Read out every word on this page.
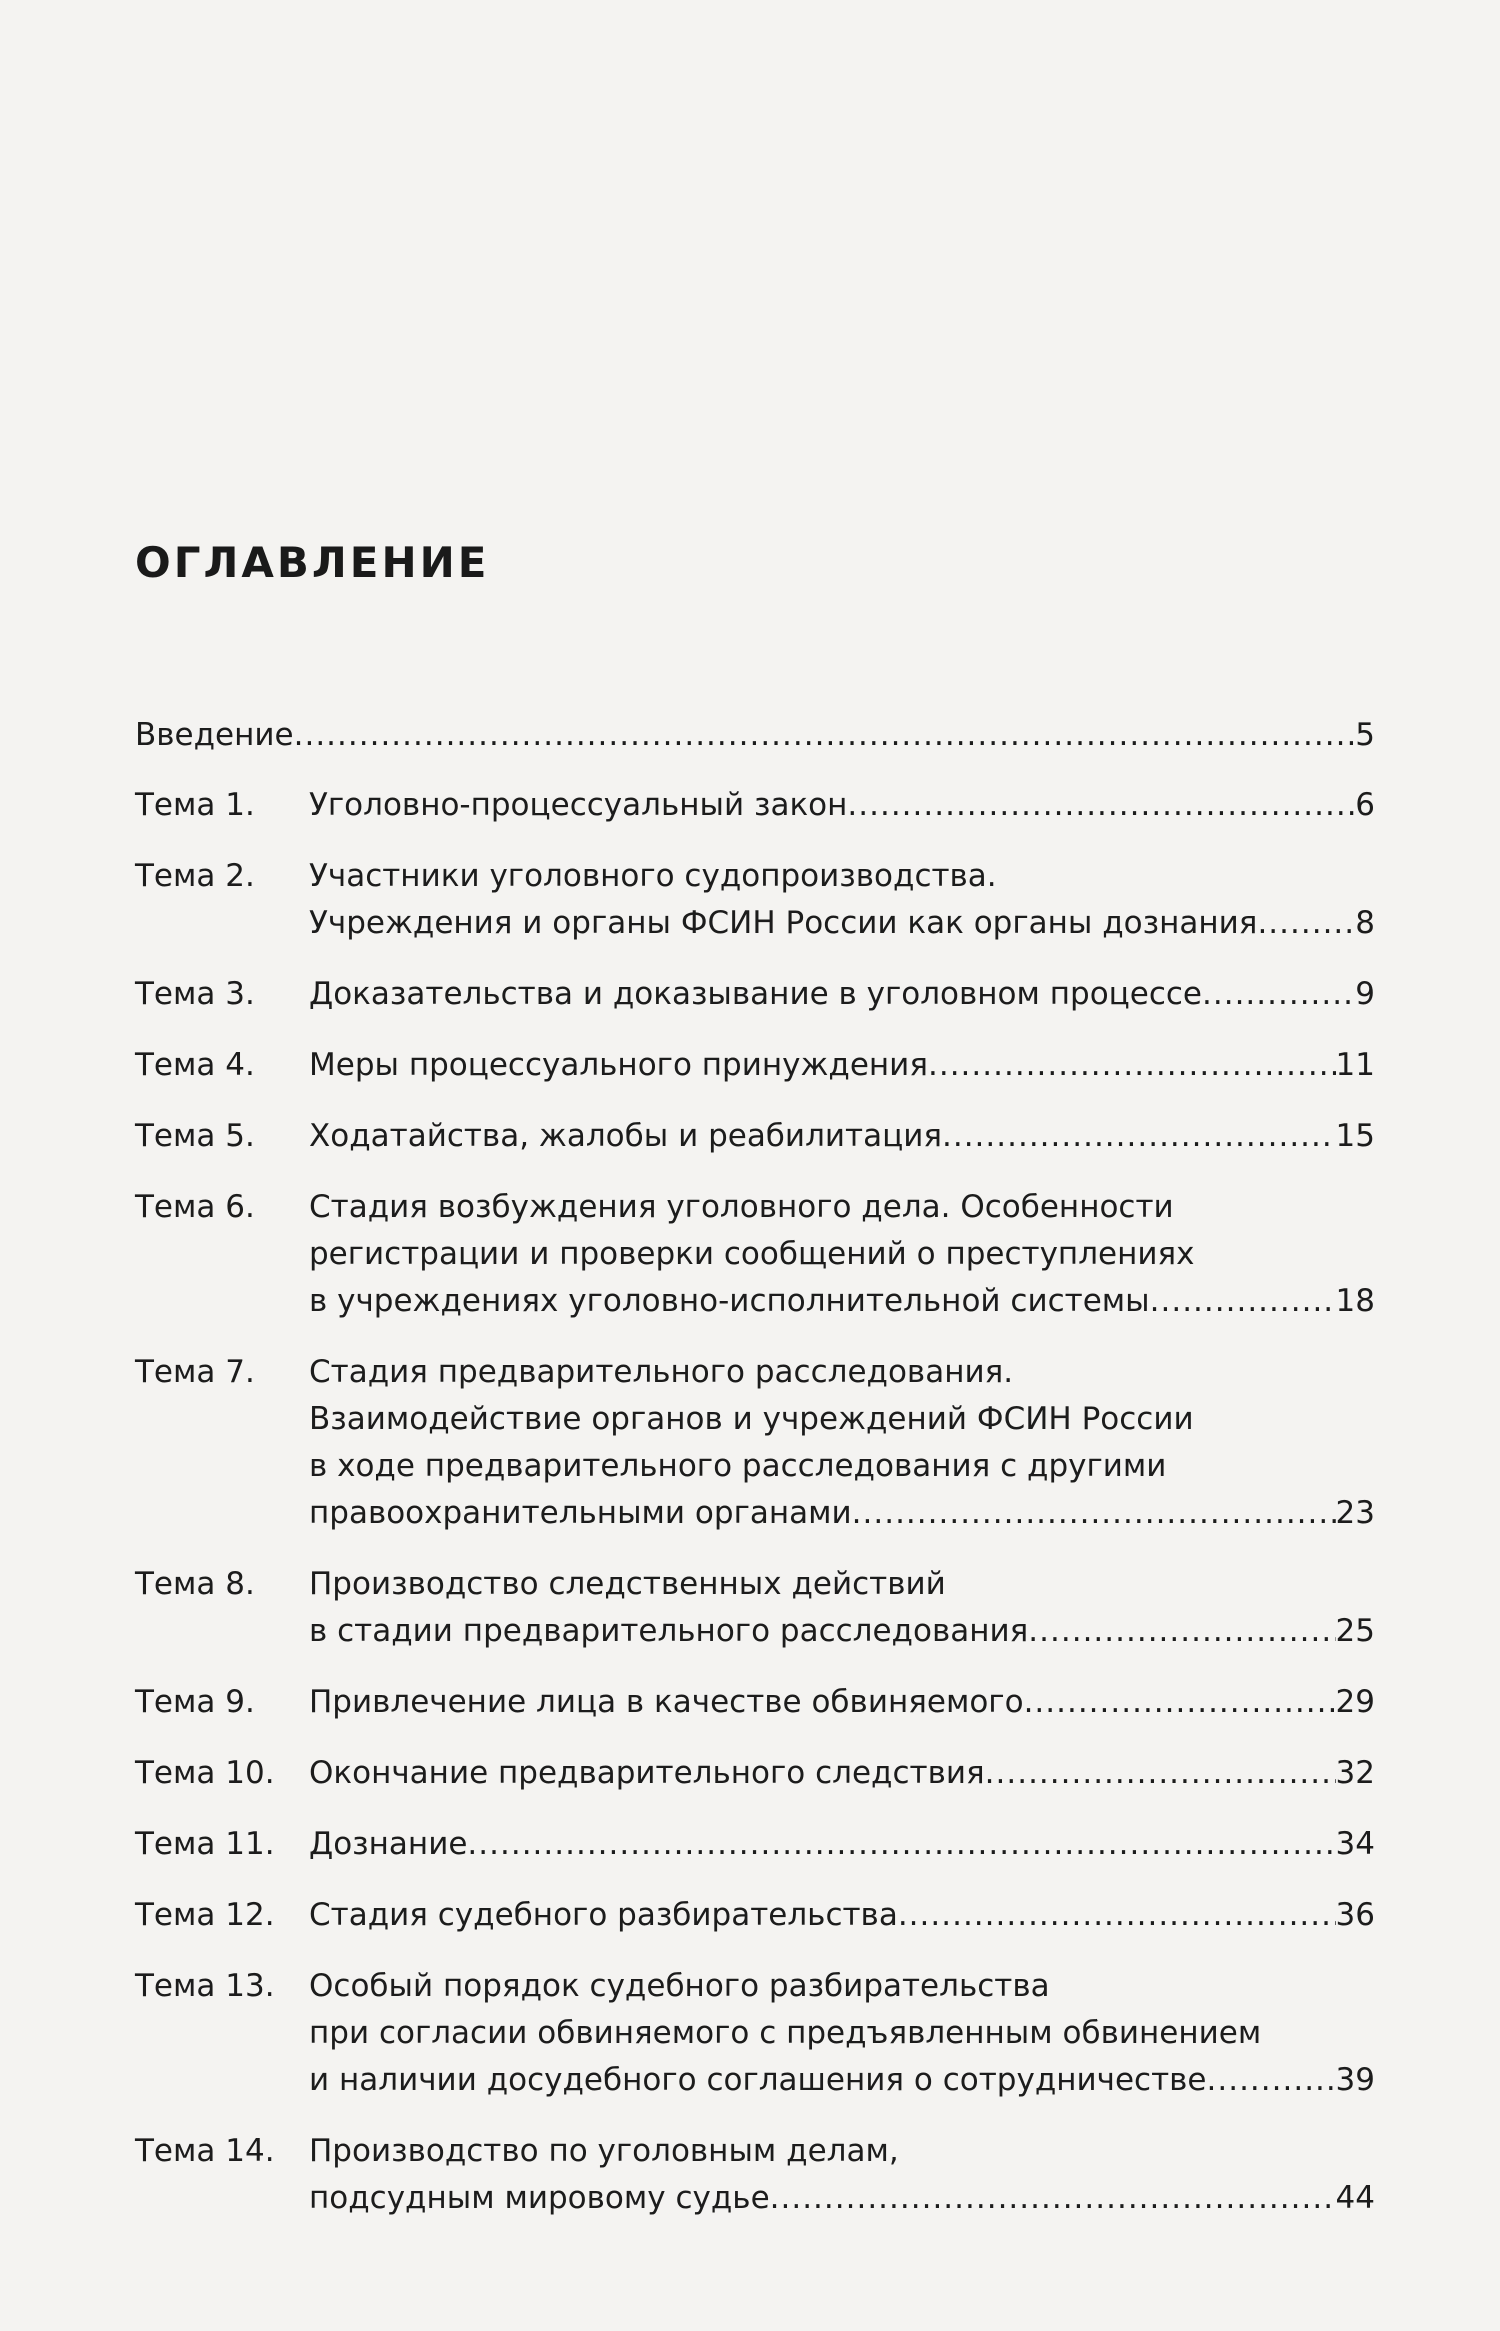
ОГЛАВЛЕНИЕ
Введение .....	5
Тема 1.	Уголовно-процессуальный закон .....	6
Тема 2.	Участники уголовного судопроизводства.
Учреждения и органы ФСИН России как органы дознания .....	8
Тема 3.	Доказательства и доказывание в уголовном процессе .....	9
Тема 4.	Меры процессуального принуждения .....	11
Тема 5.	Ходатайства, жалобы и реабилитация .....	15
Тема 6.	Стадия возбуждения уголовного дела. Особенности
регистрации и проверки сообщений о преступлениях
в учреждениях уголовно-исполнительной системы .....	18
Тема 7.	Стадия предварительного расследования.
Взаимодействие органов и учреждений ФСИН России
в ходе предварительного расследования с другими
правоохранительными органами .....	23
Тема 8.	Производство следственных действий
в стадии предварительного расследования .....	25
Тема 9.	Привлечение лица в качестве обвиняемого .....	29
Тема 10.	Окончание предварительного следствия .....	32
Тема 11.	Дознание .....	34
Тема 12.	Стадия судебного разбирательства .....	36
Тема 13.	Особый порядок судебного разбирательства
при согласии обвиняемого с предъявленным обвинением
и наличии досудебного соглашения о сотрудничестве .....	39
Тема 14.	Производство по уголовным делам,
подсудным мировому судье .....	44
